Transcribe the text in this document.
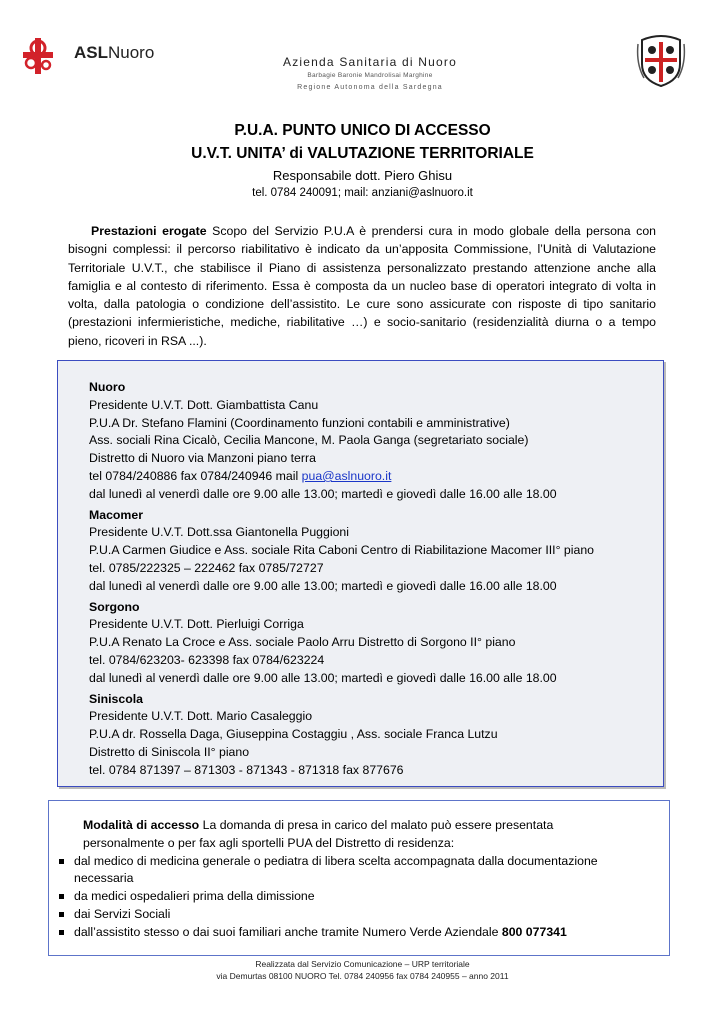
ASLNuoro	Azienda Sanitaria di Nuoro
Barbagie Baronie Mandrolisai Marghine
Regione Autonoma della Sardegna
P.U.A. PUNTO UNICO DI ACCESSO
U.V.T. UNITA’ di VALUTAZIONE TERRITORIALE
Responsabile dott. Piero Ghisu
tel. 0784 240091; mail: anziani@aslnuoro.it
Prestazioni erogate Scopo del Servizio P.U.A è prendersi cura in modo globale della persona con bisogni complessi: il percorso riabilitativo è indicato da un’apposita Commissione, l’Unità di Valutazione Territoriale U.V.T., che stabilisce il Piano di assistenza personalizzato prestando attenzione anche alla famiglia e al contesto di riferimento. Essa è composta da un nucleo base di operatori integrato di volta in volta, dalla patologia o condizione dell’assistito. Le cure sono assicurate con risposte di tipo sanitario (prestazioni infermieristiche, mediche, riabilitative …) e socio-sanitario (residenzialità diurna o a tempo pieno, ricoveri in RSA ...).
Nuoro
Presidente U.V.T. Dott. Giambattista Canu
P.U.A Dr. Stefano Flamini (Coordinamento funzioni contabili e amministrative)
Ass. sociali Rina Cicalò, Cecilia Mancone, M. Paola Ganga (segretariato sociale)
Distretto di Nuoro via Manzoni piano terra
tel 0784/240886 fax 0784/240946 mail pua@aslnuoro.it
dal lunedì al venerdì dalle ore 9.00 alle 13.00; martedì e giovedì dalle 16.00 alle 18.00
Macomer
Presidente U.V.T. Dott.ssa Giantonella Puggioni
P.U.A Carmen Giudice e Ass. sociale Rita Caboni Centro di Riabilitazione Macomer III° piano
tel. 0785/222325 – 222462 fax 0785/72727
dal lunedì al venerdì dalle ore 9.00 alle 13.00; martedì e giovedì dalle 16.00 alle 18.00
Sorgono
Presidente U.V.T. Dott. Pierluigi Corriga
P.U.A Renato La Croce e Ass. sociale Paolo Arru Distretto di Sorgono II° piano
tel. 0784/623203- 623398 fax 0784/623224
dal lunedì al venerdì dalle ore 9.00 alle 13.00; martedì e giovedì dalle 16.00 alle 18.00
Siniscola
Presidente U.V.T. Dott. Mario Casaleggio
P.U.A dr. Rossella Daga, Giuseppina Costaggiu , Ass. sociale Franca Lutzu
Distretto di Siniscola II° piano
tel. 0784 871397 – 871303 - 871343 - 871318 fax 877676
Modalità di accesso La domanda di presa in carico del malato può essere presentata
personalmente o per fax agli sportelli PUA del Distretto di residenza:
dal medico di medicina generale o pediatra di libera scelta accompagnata dalla documentazione necessaria
da medici ospedalieri prima della dimissione
dai Servizi Sociali
dall’assistito stesso o dai suoi familiari anche tramite Numero Verde Aziendale 800 077341
Realizzata dal Servizio Comunicazione – URP territoriale
via Demurtas 08100 NUORO Tel. 0784 240956 fax 0784 240955 – anno 2011
